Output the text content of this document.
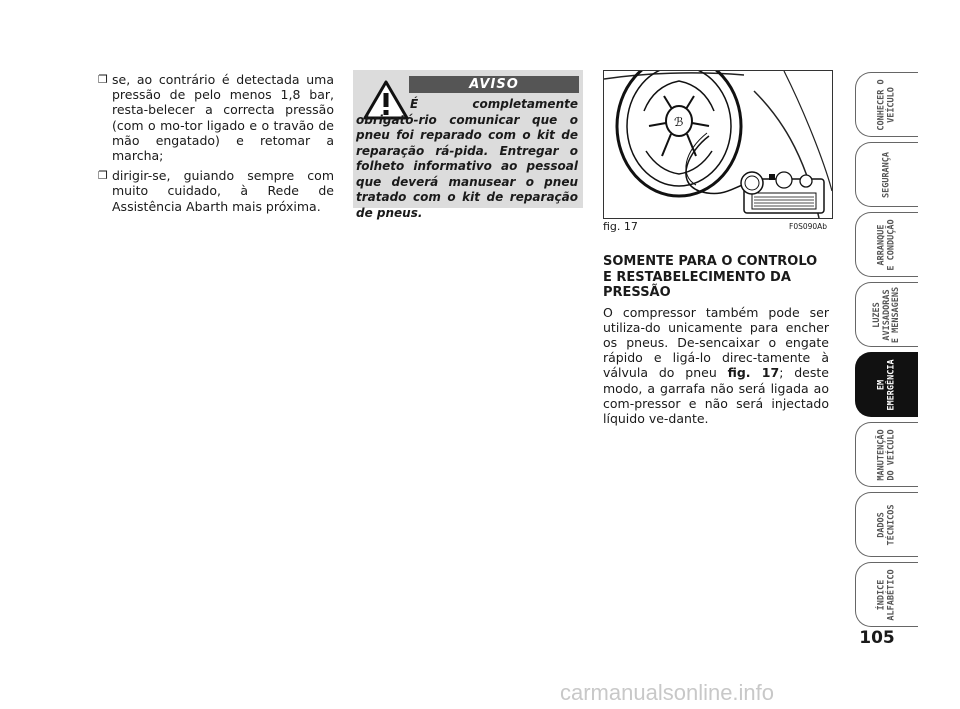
❐ se, ao contrário é detectada uma pressão de pelo menos 1,8 bar, resta-belecer a correcta pressão (com o mo-tor ligado e o travão de mão engatado) e retomar a marcha;
❐ dirigir-se, guiando sempre com muito cuidado, à Rede de Assistência Abarth mais próxima.
AVISO
É completamente obrigató-rio comunicar que o pneu foi reparado com o kit de reparação rá-pida. Entregar o folheto informativo ao pessoal que deverá manusear o pneu tratado com o kit de reparação de pneus.
ℬ
fig. 17	F0S090Ab

SOMENTE PARA O CONTROLO E RESTABELECIMENTO DA PRESSÃO

O compressor também pode ser utiliza-do unicamente para encher os pneus. De-sencaixar o engate rápido e ligá-lo direc-tamente à válvula do pneu fig. 17; deste modo, a garrafa não será ligada ao com-pressor e não será injectado líquido ve-dante.

CONHECER O
VEÍCULO
SEGURANÇA
ARRANQUE
E CONDUÇÃO
LUZES
AVISADORAS
E MENSAGENS
EM
EMERGÊNCIA
MANUTENÇÃO
DO VEÍCULO
DADOS
TÉCNICOS
ÍNDICE
ALFABÉTICO
105
carmanualsonline.info
